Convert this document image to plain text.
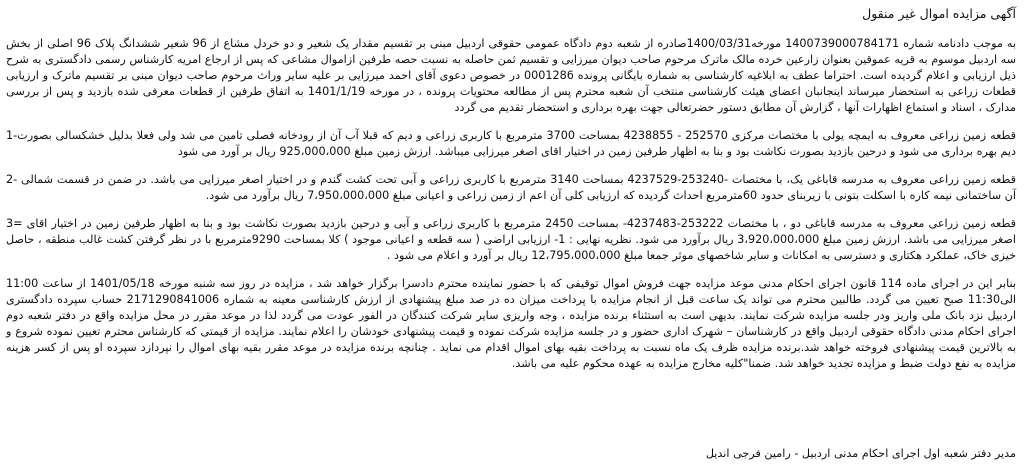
آگهی مزایده اموال غیر منقول

به موجب دادنامه شماره 1400739000784171 مورخه1400/03/31صادره از شعبه دوم دادگاه عمومی حقوقی اردبیل مبنی بر تقسیم مقدار یک شعیر و دو خردل مشاع از 96 شعیر ششدانگ پلاک 96 اصلی از بخش سه اردبیل موسوم به قریه عموقین بعنوان زارعین خرده مالک ماترک مرحوم صاحب دیوان میرزایی و تقسیم ثمن حاصله به نسبت حصه طرفین ازاموال مشاعی که پس از ارجاع امریه کارشناس رسمی دادگستری به شرح ذیل ارزیابی و اعلام گردیده است. احتراما عطف به ابلاغیه کارشناسی به شماره بایگانی پرونده 0001286 در خصوص دعوی آقای احمد میرزایی بر علیه سایر وراث مرحوم صاحب دیوان مبنی بر تقسیم ماترک و ارزیابی قطعات زراعی به استحضار میرساند اینجانبان اعضای هیئت کارشناسی منتخب آن شعبه محترم پس از مطالعه محتویات پرونده ، در مورخه 1401/1/19 به اتفاق طرفین از قطعات معرفی شده بازدید و پس از بررسی مدارک ، اسناد و استماع اظهارات آنها ، گزارش آن مطابق دستور حضرتعالی جهت بهره برداری و استحضار تقدیم می گردد

قطعه زمین زراعی معروف به ایمچه یولی با مختصات مرکزی 252570 - 4238855 بمساحت 3700 مترمربع با کاربری زراعی و دیم که قبلا آب آن از رودخانه فصلی تامین می شد ولی فعلا بدلیل خشکسالی بصورت-1 دیم بهره برداری می شود و درحین بازدید بصورت نکاشت بود و بنا به اظهار طرفین زمین در اختیار اقای اصغر میرزایی میباشد. ارزش زمین مبلغ 925،000،000 ریال بر آورد می شود

قطعه زمین زراعی معروف به مدرسه قاباغی یک، با مختصات -253240-4237529 بمساحت 3140 مترمربع با کاربری زراعی و آبی تحت کشت گندم و در اختیار اصغر میرزایی می باشد. در ضمن در قسمت شمالی -2 آن ساختمانی نیمه کاره با اسکلت بتونی با زیربنای حدود 60مترمربع احداث گردیده که ارزیابی کلی آن اعم از زمین زراعی و اعیانی مبلغ 7،950،000،000 ریال برآورد می شود.

قطعه زمین زراعی معروف به مدرسه قاباغی دو ، با مختصات 253222-4237483- بمساحت 2450 مترمربع با کاربری زراعی و آبی و درحین بازدید بصورت نکاشت بود و بنا به اظهار طرفین زمین در اختیار اقای =3 اصغر میرزایی می باشد. ارزش زمین مبلغ 3،920،000،000 ریال برآورد می شود. نظریه نهایی : 1- ارزیابی اراضی ( سه قطعه و اعیانی موجود ) کلا بمساحت 9290مترمربع با در نظر گرفتن کشت غالب منطقه ، حاصل خیزی خاک، عملکرد هکتاری و دسترسی به امکانات و سایر شاخصهای موثر جمعا مبلغ 12،795،000،000 ریال بر آورد و اعلام می شود .

بنابر این در اجرای ماده 114 قانون اجرای احکام مدنی موعد مزایده جهت فروش اموال توقیفی که با حضور نماینده محترم دادسرا برگزار خواهد شد ، مزایده در روز سه شنبه مورخه 1401/05/18 از ساعت 11:00 الی11:30 صبح تعیین می گردد. طالبین محترم می تواند یک ساعت قبل از انجام مزایده با پرداخت میزان ده در صد مبلغ پیشنهادی از ارزش کارشناسی معینه به شماره 2171290841006 حساب سپرده دادگستری اردبیل نزد بانک ملی واریز ودر جلسه مزایده شرکت نمایند. بدیهی است به استثناء برنده مزایده ، وجه واریزی سایر شرکت کنندگان در الفور عودت می گردد لذا در موعد مقرر در محل مزایده واقع در دفتر شعبه دوم اجرای احکام مدنی دادگاه حقوقی اردبیل واقع در کارشناسان – شهرک اداری حضور و در جلسه مزایده شرکت نموده و قیمت پیشنهادی خودشان را اعلام نمایند. مزایده از قیمتی که کارشناس محترم تعیین نموده شروع و به بالاترین قیمت پیشنهادی فروخته خواهد شد.برنده مزایده ظرف یک ماه نسبت به پرداخت بقیه بهای اموال اقدام می نماید . چنانچه برنده مزایده در موعد مقرر بقیه بهای اموال را نپردازد سپرده او پس از کسر هزینه مزایده به نفع دولت ضبط و مزایده تجدید خواهد شد. ضمنا"کلیه مخارج مزایده به عهده محکوم علیه می باشد.

مدیر دفتر شعبه اول اجرای احکام مدنی اردبیل - رامین فرجی اندیل
